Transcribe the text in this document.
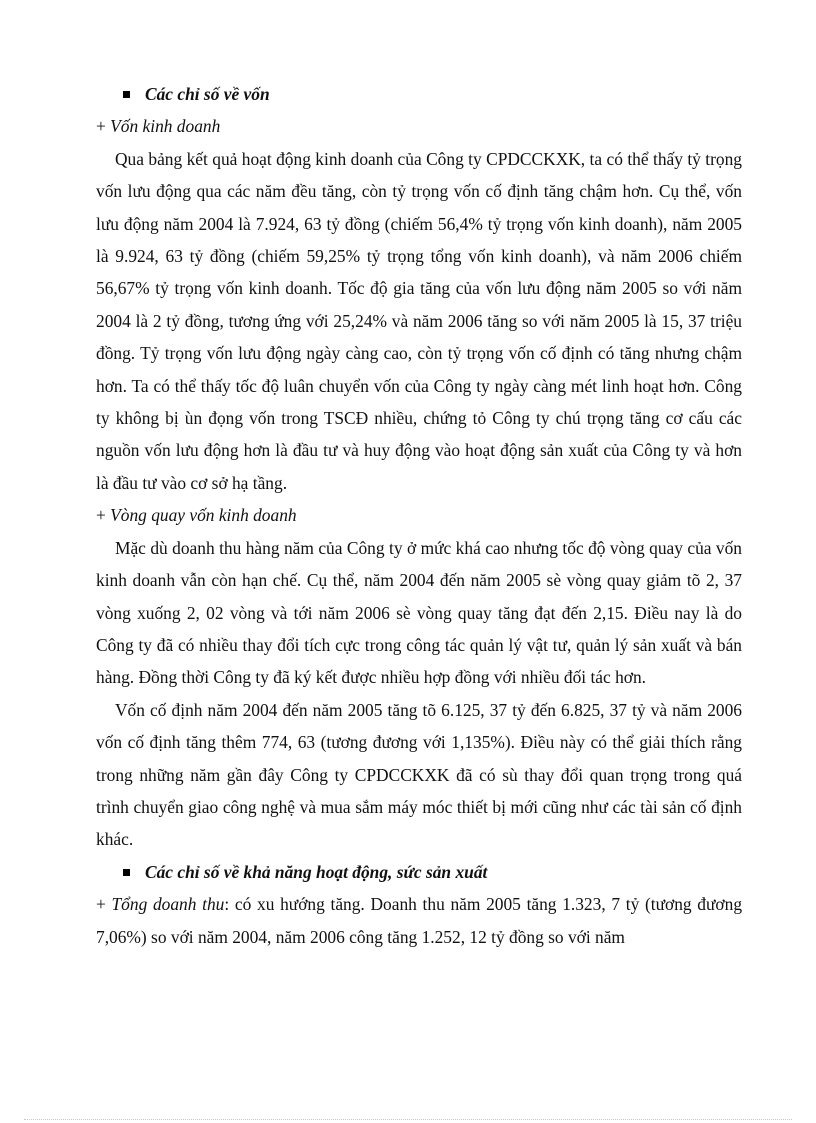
Các chỉ số về vốn

+ Vốn kinh doanh

Qua bảng kết quả hoạt động kinh doanh của Công ty CPDCCKXK, ta có thể thấy tỷ trọng vốn lưu động qua các năm đều tăng, còn tỷ trọng vốn cố định tăng chậm hơn. Cụ thể, vốn lưu động năm 2004 là 7.924, 63 tỷ đồng (chiếm 56,4% tỷ trọng vốn kinh doanh), năm 2005 là 9.924, 63 tỷ đồng (chiếm 59,25% tỷ trọng tổng vốn kinh doanh), và năm 2006 chiếm 56,67% tỷ trọng vốn kinh doanh. Tốc độ gia tăng của vốn lưu động năm 2005 so với năm 2004 là 2 tỷ đồng, tương ứng với 25,24% và năm 2006 tăng so với năm 2005 là 15, 37 triệu đồng. Tỷ trọng vốn lưu động ngày càng cao, còn tỷ trọng vốn cố định có tăng nhưng chậm hơn. Ta có thể thấy tốc độ luân chuyển vốn của Công ty ngày càng mét linh hoạt hơn. Công ty không bị ùn đọng vốn trong TSCĐ nhiều, chứng tỏ Công ty chú trọng tăng cơ cấu các nguồn vốn lưu động hơn là đầu tư và huy động vào hoạt động sản xuất của Công ty và hơn là đầu tư vào cơ sở hạ tầng.

+ Vòng quay vốn kinh doanh

Mặc dù doanh thu hàng năm của Công ty ở mức khá cao nhưng tốc độ vòng quay của vốn kinh doanh vẫn còn hạn chế. Cụ thể, năm 2004 đến năm 2005 sè vòng quay giảm tõ 2, 37 vòng xuống 2, 02 vòng và tới năm 2006 sè vòng quay tăng đạt đến 2,15. Điều nay là do Công ty đã có nhiều thay đổi tích cực trong công tác quản lý vật tư, quản lý sản xuất và bán hàng. Đồng thời Công ty đã ký kết được nhiều hợp đồng với nhiều đối tác hơn.

Vốn cố định năm 2004 đến năm 2005 tăng tõ 6.125, 37 tỷ đến 6.825, 37 tỷ và năm 2006 vốn cố định tăng thêm 774, 63 (tương đương với 1,135%). Điều này có thể giải thích rằng trong những năm gần đây Công ty CPDCCKXK đã có sù thay đổi quan trọng trong quá trình chuyển giao công nghệ và mua sắm máy móc thiết bị mới cũng như các tài sản cố định khác.

Các chỉ số về khả năng hoạt động, sức sản xuất

+ Tổng doanh thu: có xu hướng tăng. Doanh thu năm 2005 tăng 1.323, 7 tỷ (tương đương 7,06%) so với năm 2004, năm 2006 công tăng 1.252, 12 tỷ đồng so với năm
